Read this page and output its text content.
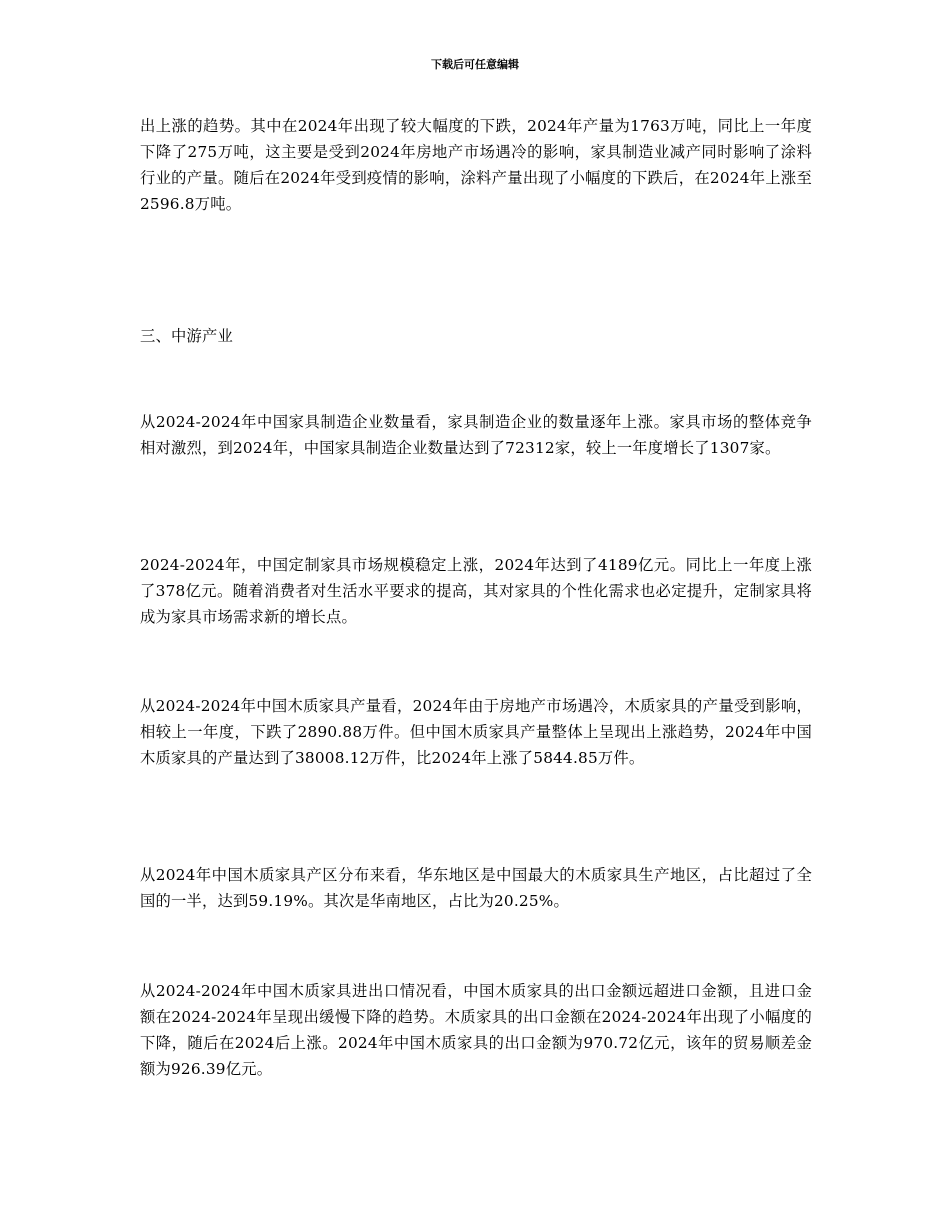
下载后可任意编辑

出上涨的趋势。其中在2024年出现了较大幅度的下跌，2024年产量为1763万吨，同比上一年度下降了275万吨，这主要是受到2024年房地产市场遇冷的影响，家具制造业减产同时影响了涂料行业的产量。随后在2024年受到疫情的影响，涂料产量出现了小幅度的下跌后，在2024年上涨至2596.8万吨。

三、中游产业

从2024-2024年中国家具制造企业数量看，家具制造企业的数量逐年上涨。家具市场的整体竞争相对激烈，到2024年，中国家具制造企业数量达到了72312家，较上一年度增长了1307家。

2024-2024年，中国定制家具市场规模稳定上涨，2024年达到了4189亿元。同比上一年度上涨了378亿元。随着消费者对生活水平要求的提高，其对家具的个性化需求也必定提升，定制家具将成为家具市场需求新的增长点。

从2024-2024年中国木质家具产量看，2024年由于房地产市场遇冷，木质家具的产量受到影响，相较上一年度，下跌了2890.88万件。但中国木质家具产量整体上呈现出上涨趋势，2024年中国木质家具的产量达到了38008.12万件，比2024年上涨了5844.85万件。

从2024年中国木质家具产区分布来看，华东地区是中国最大的木质家具生产地区，占比超过了全国的一半，达到59.19%。其次是华南地区，占比为20.25%。

从2024-2024年中国木质家具进出口情况看，中国木质家具的出口金额远超进口金额，且进口金额在2024-2024年呈现出缓慢下降的趋势。木质家具的出口金额在2024-2024年出现了小幅度的下降，随后在2024后上涨。2024年中国木质家具的出口金额为970.72亿元，该年的贸易顺差金额为926.39亿元。
